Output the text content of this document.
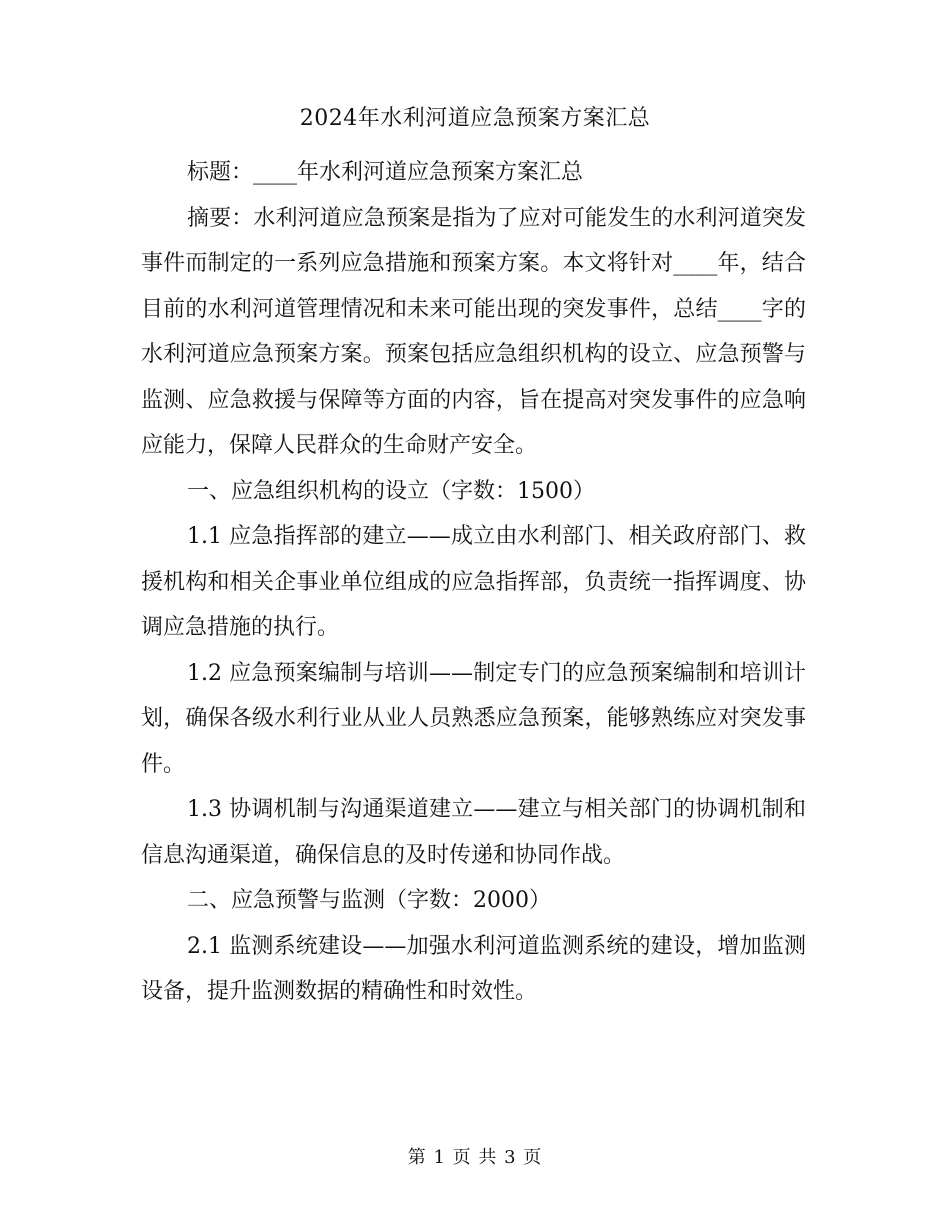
2024年水利河道应急预案方案汇总

标题：____年水利河道应急预案方案汇总

摘要：水利河道应急预案是指为了应对可能发生的水利河道突发事件而制定的一系列应急措施和预案方案。本文将针对____年，结合目前的水利河道管理情况和未来可能出现的突发事件，总结____字的水利河道应急预案方案。预案包括应急组织机构的设立、应急预警与监测、应急救援与保障等方面的内容，旨在提高对突发事件的应急响应能力，保障人民群众的生命财产安全。

一、应急组织机构的设立（字数：1500）

1.1 应急指挥部的建立——成立由水利部门、相关政府部门、救援机构和相关企事业单位组成的应急指挥部，负责统一指挥调度、协调应急措施的执行。

1.2 应急预案编制与培训——制定专门的应急预案编制和培训计划，确保各级水利行业从业人员熟悉应急预案，能够熟练应对突发事件。

1.3 协调机制与沟通渠道建立——建立与相关部门的协调机制和信息沟通渠道，确保信息的及时传递和协同作战。

二、应急预警与监测（字数：2000）

2.1 监测系统建设——加强水利河道监测系统的建设，增加监测设备，提升监测数据的精确性和时效性。

第 1 页 共 3 页
